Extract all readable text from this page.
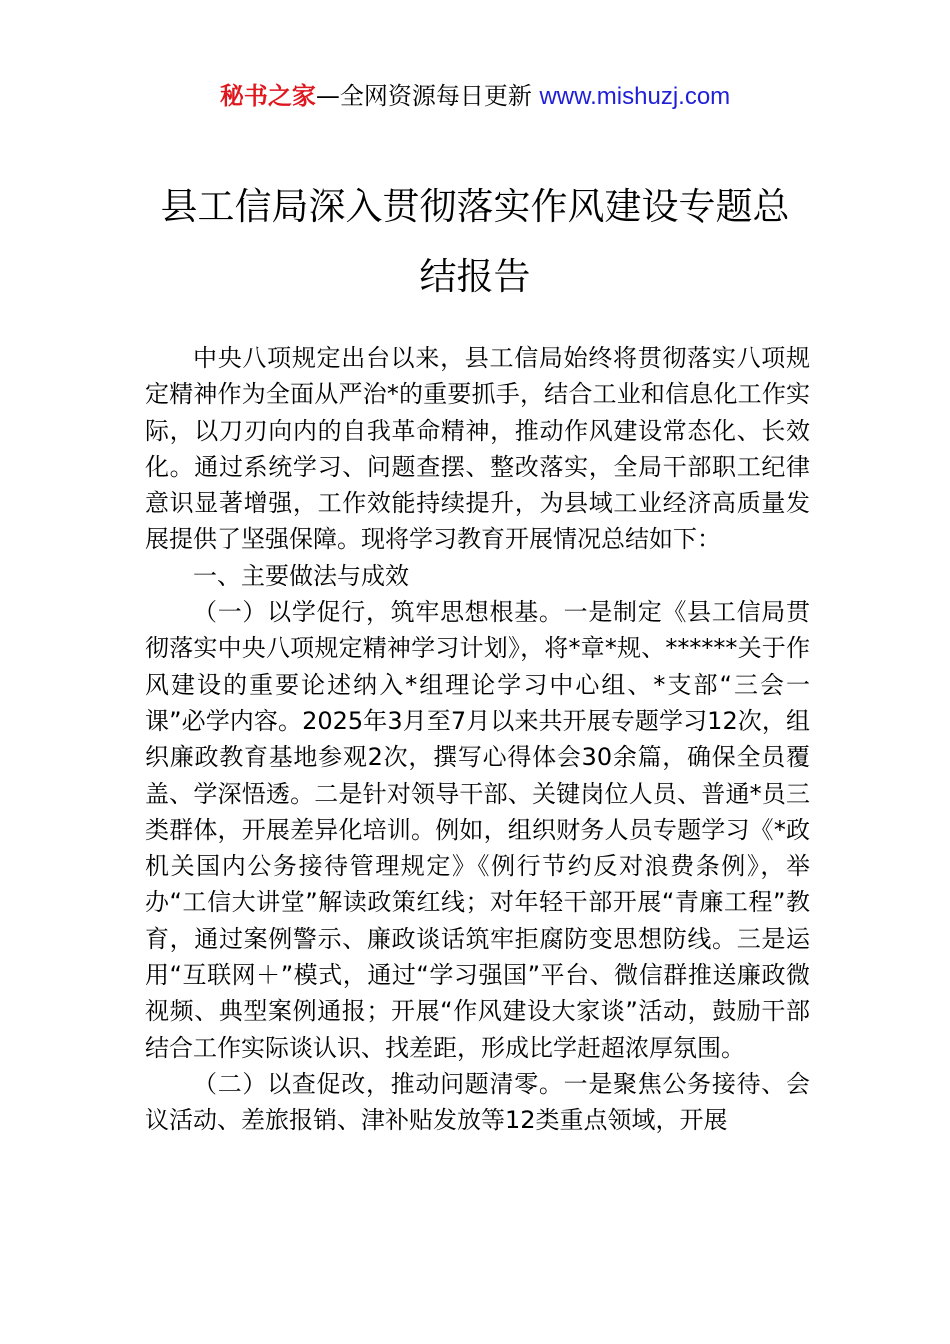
秘书之家—全网资源每日更新 www.mishuzj.com
县工信局深入贯彻落实作风建设专题总结报告

中央八项规定出台以来，县工信局始终将贯彻落实八项规定精神作为全面从严治*的重要抓手，结合工业和信息化工作实际，以刀刃向内的自我革命精神，推动作风建设常态化、长效化。通过系统学习、问题查摆、整改落实，全局干部职工纪律意识显著增强，工作效能持续提升，为县域工业经济高质量发展提供了坚强保障。现将学习教育开展情况总结如下：

一、主要做法与成效

（一）以学促行，筑牢思想根基。一是制定《县工信局贯彻落实中央八项规定精神学习计划》，将*章*规、******关于作风建设的重要论述纳入*组理论学习中心组、*支部“三会一课”必学内容。2025年3月至7月以来共开展专题学习12次，组织廉政教育基地参观2次，撰写心得体会30余篇，确保全员覆盖、学深悟透。二是针对领导干部、关键岗位人员、普通*员三类群体，开展差异化培训。例如，组织财务人员专题学习《*政机关国内公务接待管理规定》《例行节约反对浪费条例》，举办“工信大讲堂”解读政策红线；对年轻干部开展“青廉工程”教育，通过案例警示、廉政谈话筑牢拒腐防变思想防线。三是运用“互联网＋”模式，通过“学习强国”平台、微信群推送廉政微视频、典型案例通报；开展“作风建设大家谈”活动，鼓励干部结合工作实际谈认识、找差距，形成比学赶超浓厚氛围。

（二）以查促改，推动问题清零。一是聚焦公务接待、会议活动、差旅报销、津补贴发放等12类重点领域，开展
